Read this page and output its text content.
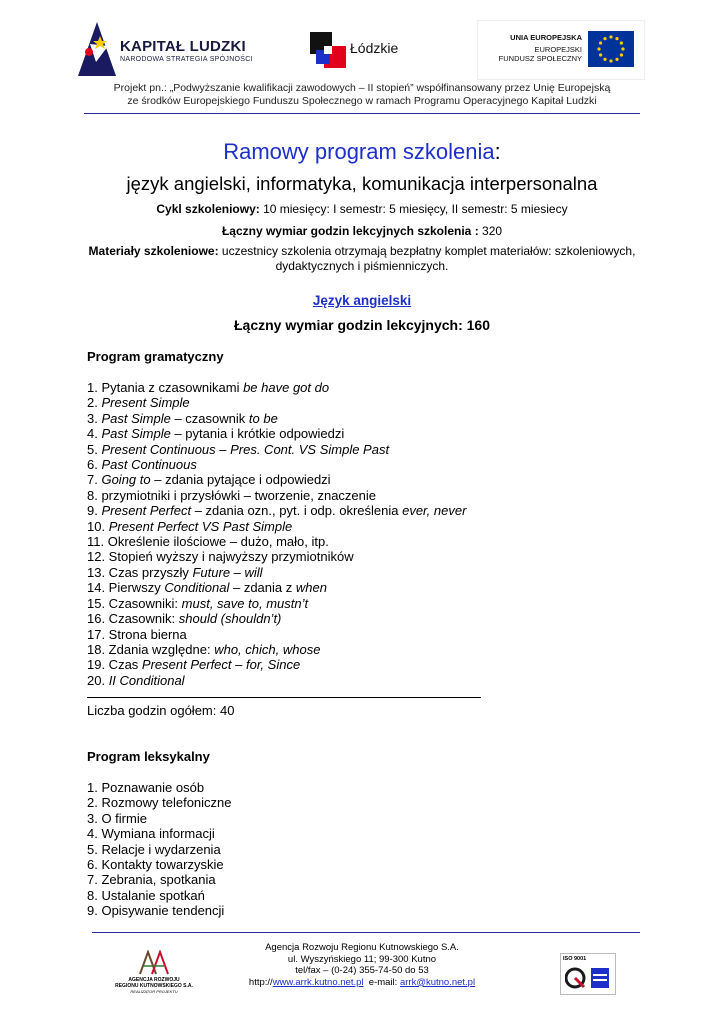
KAPITAŁ LUDZKI
NARODOWA STRATEGIA SPÓJNOŚCI
Łódzkie
UNIA EUROPEJSKA
EUROPEJSKI
FUNDUSZ SPOŁECZNY
Projekt pn.: „Podwyższanie kwalifikacji zawodowych – II stopień” współfinansowany przez Unię Europejską
ze środków Europejskiego Funduszu Społecznego w ramach Programu Operacyjnego Kapitał Ludzki
Ramowy program szkolenia:
język angielski, informatyka, komunikacja interpersonalna
Cykl szkoleniowy: 10 miesięcy: I semestr: 5 miesięcy, II semestr: 5 miesiecy
Łączny wymiar godzin lekcyjnych szkolenia : 320
Materiały szkoleniowe: uczestnicy szkolenia otrzymają bezpłatny komplet materiałów: szkoleniowych, dydaktycznych i piśmienniczych.
Język angielski
Łączny wymiar godzin lekcyjnych: 160
Program gramatyczny
1. Pytania z czasownikami be have got do
2. Present Simple
3. Past Simple – czasownik to be
4. Past Simple – pytania i krótkie odpowiedzi
5. Present Continuous – Pres. Cont. VS Simple Past
6. Past Continuous
7. Going to – zdania pytające i odpowiedzi
8. przymiotniki i przysłówki – tworzenie, znaczenie
9. Present Perfect – zdania ozn., pyt. i odp. określenia ever, never
10. Present Perfect VS Past Simple
11. Określenie ilościowe – dużo, mało, itp.
12. Stopień wyższy i najwyższy przymiotników
13. Czas przyszły Future – will
14. Pierwszy Conditional – zdania z when
15. Czasowniki: must, save to, mustn’t
16. Czasownik: should (shouldn’t)
17. Strona bierna
18. Zdania względne: who, chich, whose
19. Czas Present Perfect – for, Since
20. II Conditional
Liczba godzin ogółem: 40
Program leksykalny
1. Poznawanie osób
2. Rozmowy telefoniczne
3. O firmie
4. Wymiana informacji
5. Relacje i wydarzenia
6. Kontakty towarzyskie
7. Zebrania, spotkania
8. Ustalanie spotkań
9. Opisywanie tendencji
AGENCJA ROZWOJU
REGIONU KUTNOWSKIEGO S.A.
REALIZATOR PROJEKTU
Agencja Rozwoju Regionu Kutnowskiego S.A.
ul. Wyszyńskiego 11; 99-300 Kutno
tel/fax – (0-24) 355-74-50 do 53
http://www.arrk.kutno.net.pl  e-mail: arrk@kutno.net.pl
ISO 9001
